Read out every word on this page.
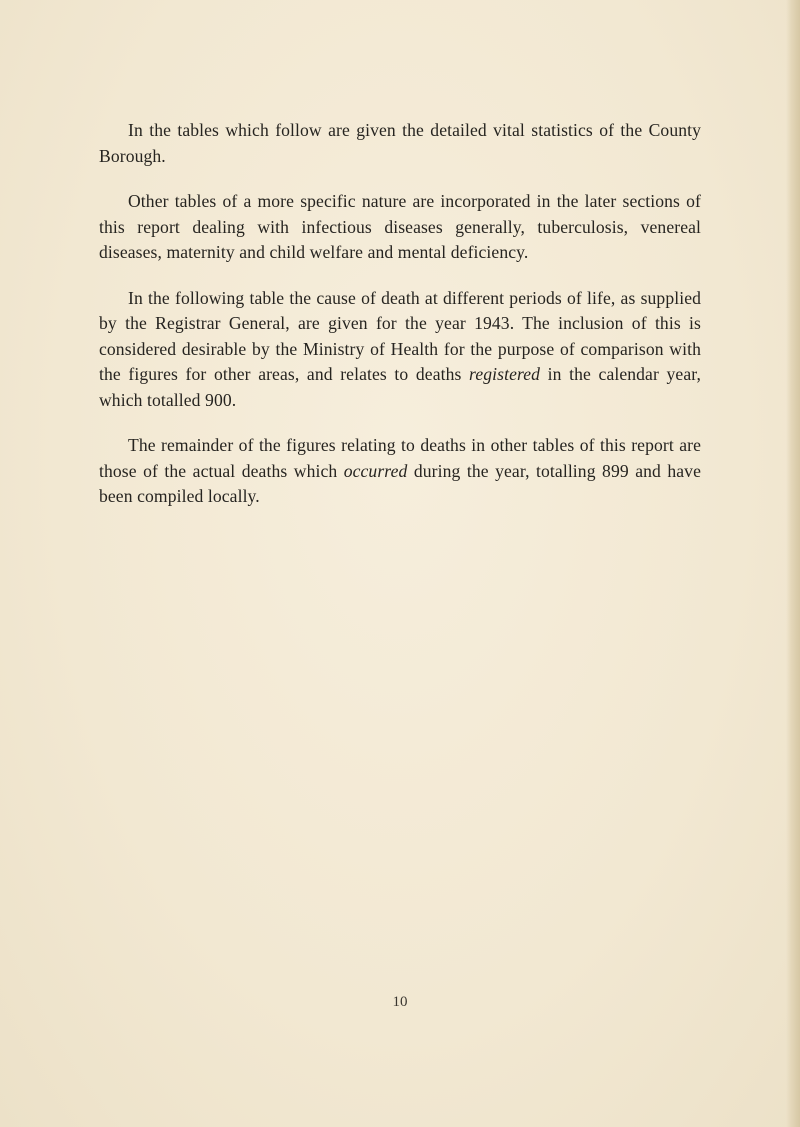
In the tables which follow are given the detailed vital statistics of the County Borough.

Other tables of a more specific nature are incorporated in the later sections of this report dealing with infectious diseases generally, tuberculosis, venereal diseases, maternity and child welfare and mental deficiency.

In the following table the cause of death at different periods of life, as supplied by the Registrar General, are given for the year 1943. The inclusion of this is considered desirable by the Ministry of Health for the purpose of comparison with the figures for other areas, and relates to deaths registered in the calendar year, which totalled 900.

The remainder of the figures relating to deaths in other tables of this report are those of the actual deaths which occurred during the year, totalling 899 and have been compiled locally.

10
